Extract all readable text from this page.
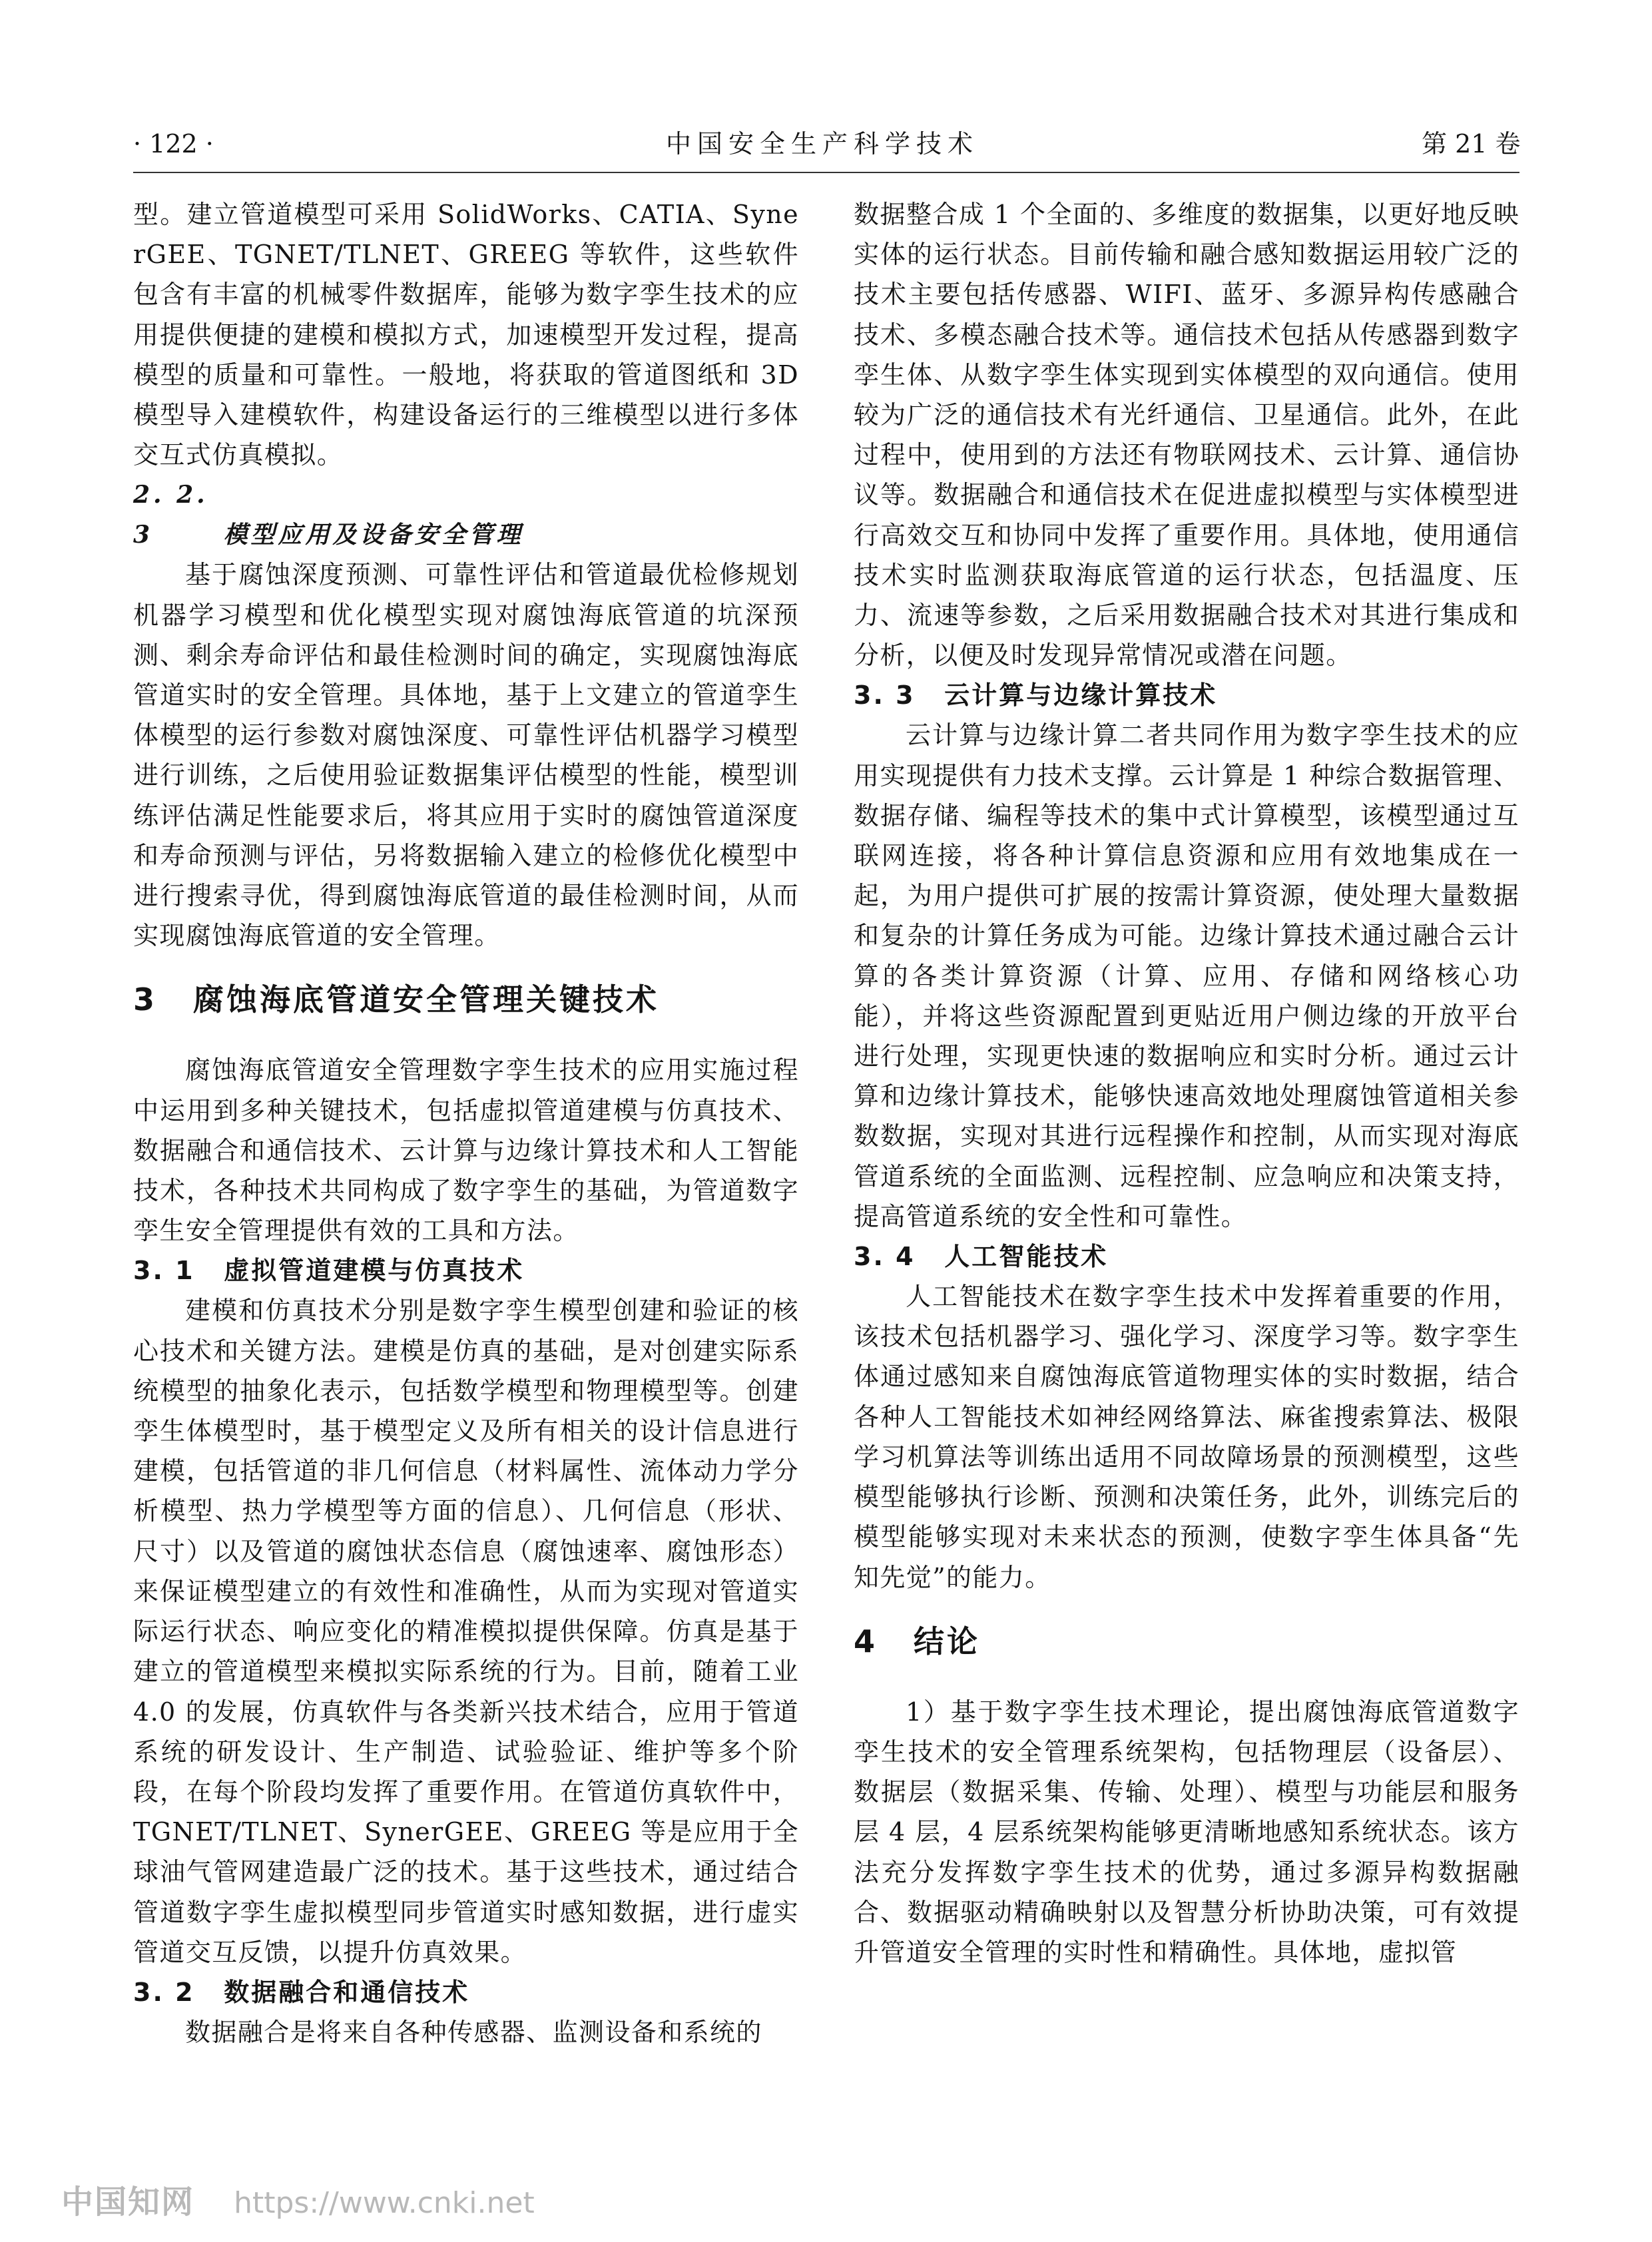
· 122 ·	中国安全生产科学技术	第 21 卷

型。建立管道模型可采用 SolidWorks、CATIA、SynerGEE、TGNET/TLNET、GREEG 等软件，这些软件包含有丰富的机械零件数据库，能够为数字孪生技术的应用提供便捷的建模和模拟方式，加速模型开发过程，提高模型的质量和可靠性。一般地，将获取的管道图纸和 3D 模型导入建模软件，构建设备运行的三维模型以进行多体交互式仿真模拟。

2. 2. 3	模型应用及设备安全管理

基于腐蚀深度预测、可靠性评估和管道最优检修规划机器学习模型和优化模型实现对腐蚀海底管道的坑深预测、剩余寿命评估和最佳检测时间的确定，实现腐蚀海底管道实时的安全管理。具体地，基于上文建立的管道孪生体模型的运行参数对腐蚀深度、可靠性评估机器学习模型进行训练，之后使用验证数据集评估模型的性能，模型训练评估满足性能要求后，将其应用于实时的腐蚀管道深度和寿命预测与评估，另将数据输入建立的检修优化模型中进行搜索寻优，得到腐蚀海底管道的最佳检测时间，从而实现腐蚀海底管道的安全管理。

3 腐蚀海底管道安全管理关键技术

腐蚀海底管道安全管理数字孪生技术的应用实施过程中运用到多种关键技术，包括虚拟管道建模与仿真技术、数据融合和通信技术、云计算与边缘计算技术和人工智能技术，各种技术共同构成了数字孪生的基础，为管道数字孪生安全管理提供有效的工具和方法。

3. 1 虚拟管道建模与仿真技术

建模和仿真技术分别是数字孪生模型创建和验证的核心技术和关键方法。建模是仿真的基础，是对创建实际系统模型的抽象化表示，包括数学模型和物理模型等。创建孪生体模型时，基于模型定义及所有相关的设计信息进行建模，包括管道的非几何信息（材料属性、流体动力学分析模型、热力学模型等方面的信息）、几何信息（形状、尺寸）以及管道的腐蚀状态信息（腐蚀速率、腐蚀形态）来保证模型建立的有效性和准确性，从而为实现对管道实际运行状态、响应变化的精准模拟提供保障。仿真是基于建立的管道模型来模拟实际系统的行为。目前，随着工业 4.0 的发展，仿真软件与各类新兴技术结合，应用于管道系统的研发设计、生产制造、试验验证、维护等多个阶段，在每个阶段均发挥了重要作用。在管道仿真软件中，TGNET/TLNET、SynerGEE、GREEG 等是应用于全球油气管网建造最广泛的技术。基于这些技术，通过结合管道数字孪生虚拟模型同步管道实时感知数据，进行虚实管道交互反馈，以提升仿真效果。

3. 2 数据融合和通信技术

数据融合是将来自各种传感器、监测设备和系统的

数据整合成 1 个全面的、多维度的数据集，以更好地反映实体的运行状态。目前传输和融合感知数据运用较广泛的技术主要包括传感器、WIFI、蓝牙、多源异构传感融合技术、多模态融合技术等。通信技术包括从传感器到数字孪生体、从数字孪生体实现到实体模型的双向通信。使用较为广泛的通信技术有光纤通信、卫星通信。此外，在此过程中，使用到的方法还有物联网技术、云计算、通信协议等。数据融合和通信技术在促进虚拟模型与实体模型进行高效交互和协同中发挥了重要作用。具体地，使用通信技术实时监测获取海底管道的运行状态，包括温度、压力、流速等参数，之后采用数据融合技术对其进行集成和分析，以便及时发现异常情况或潜在问题。

3. 3 云计算与边缘计算技术

云计算与边缘计算二者共同作用为数字孪生技术的应用实现提供有力技术支撑。云计算是 1 种综合数据管理、数据存储、编程等技术的集中式计算模型，该模型通过互联网连接，将各种计算信息资源和应用有效地集成在一起，为用户提供可扩展的按需计算资源，使处理大量数据和复杂的计算任务成为可能。边缘计算技术通过融合云计算的各类计算资源（计算、应用、存储和网络核心功能），并将这些资源配置到更贴近用户侧边缘的开放平台进行处理，实现更快速的数据响应和实时分析。通过云计算和边缘计算技术，能够快速高效地处理腐蚀管道相关参数数据，实现对其进行远程操作和控制，从而实现对海底管道系统的全面监测、远程控制、应急响应和决策支持，提高管道系统的安全性和可靠性。

3. 4 人工智能技术

人工智能技术在数字孪生技术中发挥着重要的作用，该技术包括机器学习、强化学习、深度学习等。数字孪生体通过感知来自腐蚀海底管道物理实体的实时数据，结合各种人工智能技术如神经网络算法、麻雀搜索算法、极限学习机算法等训练出适用不同故障场景的预测模型，这些模型能够执行诊断、预测和决策任务，此外，训练完后的模型能够实现对未来状态的预测，使数字孪生体具备“先知先觉”的能力。

4 结论

1）基于数字孪生技术理论，提出腐蚀海底管道数字孪生技术的安全管理系统架构，包括物理层（设备层）、数据层（数据采集、传输、处理）、模型与功能层和服务层 4 层，4 层系统架构能够更清晰地感知系统状态。该方法充分发挥数字孪生技术的优势，通过多源异构数据融合、数据驱动精确映射以及智慧分析协助决策，可有效提升管道安全管理的实时性和精确性。具体地，虚拟管

中国知网 https://www.cnki.net
